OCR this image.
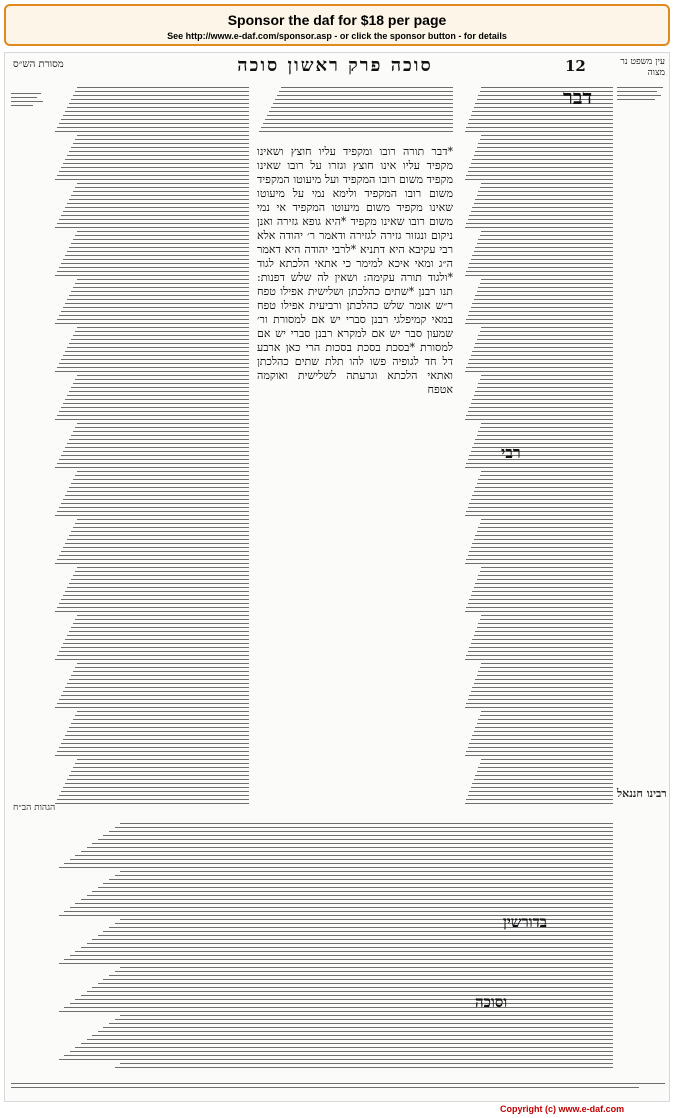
Sponsor the daf for $18 per page
See http://www.e-daf.com/sponsor.asp - or click the sponsor button - for details
מסורת הש״ס	סוכה פרק ראשון סוכה	12	עין משפט נר מצוה
*דבר תורה רובו ומקפיד עליו חוצץ ושאינו מקפיד עליו אינו חוצץ וגזרו על רובו שאינו מקפיד משום רובו המקפיד ועל מיעוטו המקפיד משום רובו המקפיד ולימא נמי על מיעוטו שאינו מקפיד משום מיעוטו המקפיד אי נמי משום רובו שאינו מקפיד *היא גופא גזירה ואנן ניקום ונגזור גזירה לגזירה ודאמר ר׳ יהודה אלא רבי עקיבא היא דתניא *לרבי יהודה היא דאמר ה״ג ומאי איכא למימר כי אתאי הלכתא לגוד *ולגוד תורה עקימה: ושאין לה שלש דפנות: תנו רבנן *שתים כהלכתן ושלישית אפילו טפח ר״ש אומר שלש כהלכתן ורביעית אפילו טפח במאי קמיפלגי רבנן סברי יש אם למסורת ור׳ שמעון סבר יש אם למקרא רבנן סברי יש אם למסורת *בסכת בסכת בסכות הרי כאן ארבע דל חד לגופיה פשו להו תלת שתים כהלכתן ואתאי הלכתא וגרעתה לשלישית ואוקמה אטפח
דבר
רבי
רבינו חננאל
הגהות הב״ח
בדורשין
וסוכה
Copyright (c) www.e-daf.com
